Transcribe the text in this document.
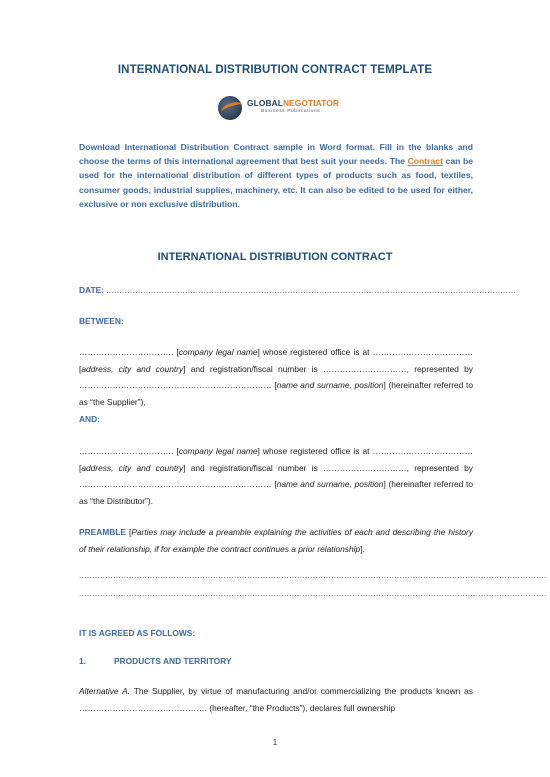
INTERNATIONAL DISTRIBUTION CONTRACT TEMPLATE
GLOBALNEGOTIATOR
Business Publications
Download International Distribution Contract sample in Word format. Fill in the blanks and choose the terms of this international agreement that best suit your needs. The Contract can be used for the international distribution of different types of products such as food, textiles, consumer goods, industrial supplies, machinery, etc. It can also be edited to be used for either, exclusive or non exclusive distribution.
INTERNATIONAL DISTRIBUTION CONTRACT
DATE: ............................................................................................................................................................
BETWEEN:
……………………………. [company legal name] whose registered office is at ……………………………… [address, city and country] and registration/fiscal number is …………………………, represented by …………………………………………………………… [name and surname, position] (hereinafter referred to as “the Supplier”),
AND:
……………………………. [company legal name] whose registered office is at ……………………………… [address, city and country] and registration/fiscal number is …………………………, represented by …………………………………………………………… [name and surname, position] (hereinafter referred to as “the Distributor”).
PREAMBLE [Parties may include a preamble explaining the activities of each and describing the history of their relationship, if for example the contract continues a prior relationship].
..................................................................................................................................................................................
..................................................................................................................................................................................
IT IS AGREED AS FOLLOWS:
1.	PRODUCTS AND TERRITORY
Alternative A. The Supplier, by virtue of manufacturing and/or commercializing the products known as ………………………………………. (hereafter, “the Products”), declares full ownership
1
